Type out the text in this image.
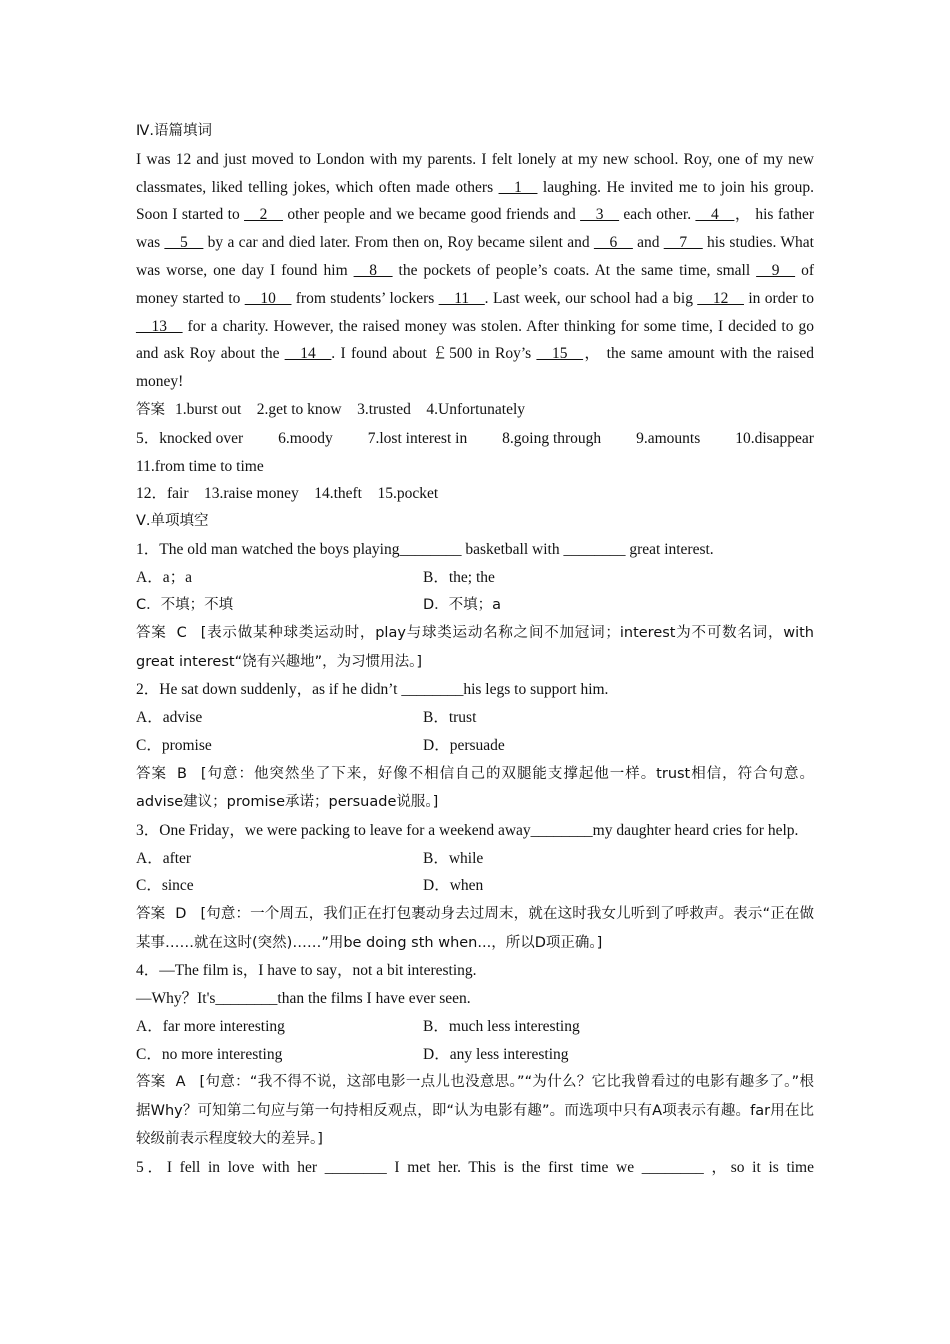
Ⅳ.语篇填词
I was 12 and just moved to London with my parents. I felt lonely at my new school. Roy, one of my new classmates, liked telling jokes, which often made others __1__ laughing. He invited me to join his group. Soon I started to __2__ other people and we became good friends and __3__ each other. __4__， his father was __5__ by a car and died later. From then on, Roy became silent and __6__ and __7__ his studies. What was worse, one day I found him __8__ the pockets of people’s coats. At the same time, small __9__ of money started to __10__ from students’ lockers __11__. Last week, our school had a big __12__ in order to __13__ for a charity. However, the raised money was stolen. After thinking for some time, I decided to go and ask Roy about the __14__. I found about ￡500 in Roy’s __15__， the same amount with the raised money!
答案 1.burst out　2.get to know　3.trusted　4.Unfortunately
5．knocked over 6.moody 7.lost interest in 8.going through 9.amounts 10.disappear
11.from time to time
12．fair　13.raise money　14.theft　15.pocket
Ⅴ.单项填空
1．The old man watched the boys playing________ basketball with ________ great interest.
A．a；a	B．the; the
C．不填；不填	D．不填；a
答案 C [表示做某种球类运动时，play与球类运动名称之间不加冠词；interest为不可数名词，with great interest“饶有兴趣地”，为习惯用法。]
2．He sat down suddenly，as if he didn’t ________his legs to support him.
A．advise	B．trust
C．promise	D．persuade
答案 B [句意：他突然坐了下来，好像不相信自己的双腿能支撑起他一样。trust相信，符合句意。advise建议；promise承诺；persuade说服。]
3．One Friday，we were packing to leave for a weekend away________my daughter heard cries for help.
A．after	B．while
C．since	D．when
答案 D [句意：一个周五，我们正在打包裹动身去过周末，就在这时我女儿听到了呼救声。表示“正在做某事……就在这时(突然)……”用be doing sth when...，所以D项正确。]
4．—The film is，I have to say，not a bit interesting.
—Why？It's________than the films I have ever seen.
A．far more interesting	B．much less interesting
C．no more interesting	D．any less interesting
答案 A [句意：“我不得不说，这部电影一点儿也没意思。”“为什么？它比我曾看过的电影有趣多了。”根据Why？可知第二句应与第一句持相反观点，即“认为电影有趣”。而选项中只有A项表示有趣。far用在比较级前表示程度较大的差异。]
5．I fell in love with her ________ I met her. This is the first time we ________ ，so it is time
